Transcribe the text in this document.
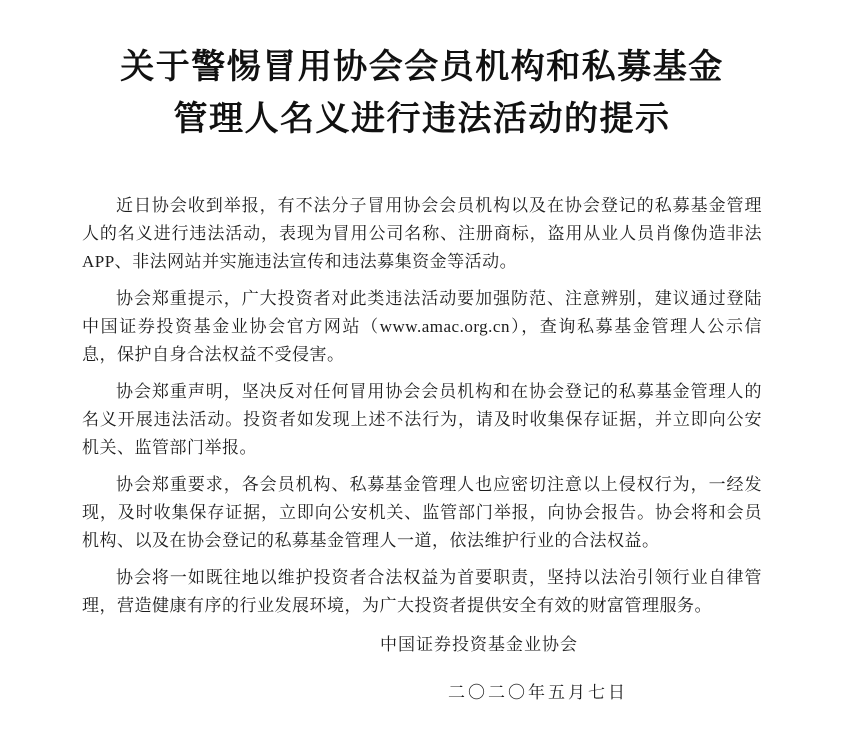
关于警惕冒用协会会员机构和私募基金
管理人名义进行违法活动的提示

近日协会收到举报，有不法分子冒用协会会员机构以及在协会登记的私募基金管理人的名义进行违法活动，表现为冒用公司名称、注册商标，盗用从业人员肖像伪造非法 APP、非法网站并实施违法宣传和违法募集资金等活动。

协会郑重提示，广大投资者对此类违法活动要加强防范、注意辨别，建议通过登陆中国证券投资基金业协会官方网站（www.amac.org.cn），查询私募基金管理人公示信息，保护自身合法权益不受侵害。

协会郑重声明，坚决反对任何冒用协会会员机构和在协会登记的私募基金管理人的名义开展违法活动。投资者如发现上述不法行为，请及时收集保存证据，并立即向公安机关、监管部门举报。

协会郑重要求，各会员机构、私募基金管理人也应密切注意以上侵权行为，一经发现，及时收集保存证据，立即向公安机关、监管部门举报，向协会报告。协会将和会员机构、以及在协会登记的私募基金管理人一道，依法维护行业的合法权益。

协会将一如既往地以维护投资者合法权益为首要职责，坚持以法治引领行业自律管理，营造健康有序的行业发展环境，为广大投资者提供安全有效的财富管理服务。

中国证券投资基金业协会
二〇二〇年五月七日
